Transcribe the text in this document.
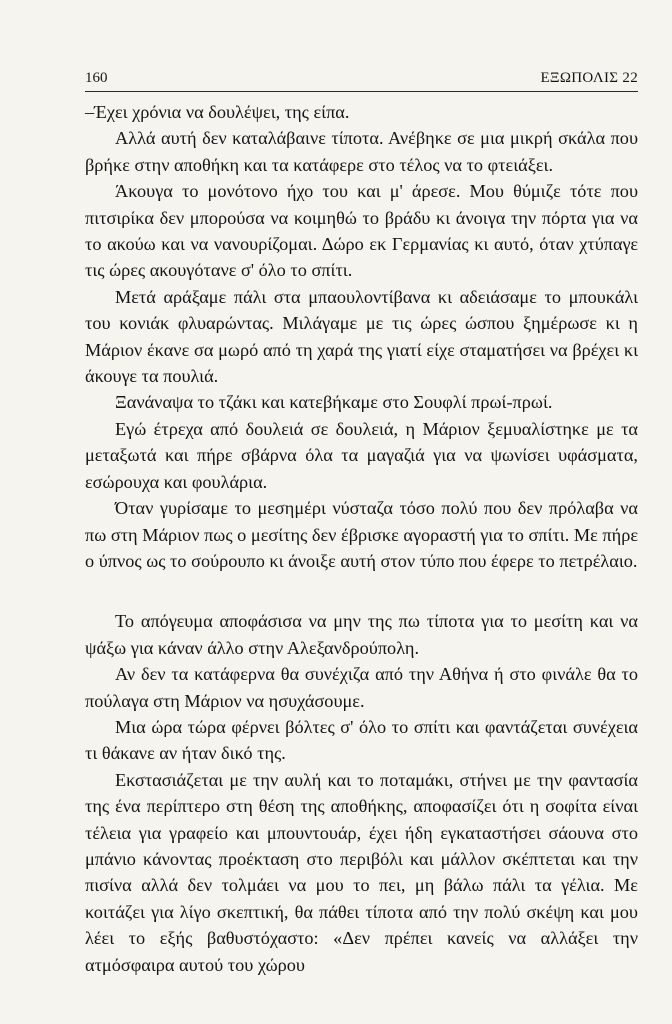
160	ΕΞΩΠΟΛΙΣ 22

–Έχει χρόνια να δουλέψει, της είπα.

Αλλά αυτή δεν καταλάβαινε τίποτα. Ανέβηκε σε μια μικρή σκάλα που βρήκε στην αποθήκη και τα κατάφερε στο τέλος να το φτειάξει.

Άκουγα το μονότονο ήχο του και μ' άρεσε. Μου θύμιζε τότε που πιτσιρίκα δεν μπορούσα να κοιμηθώ το βράδυ κι άνοιγα την πόρτα για να το ακούω και να νανουρίζομαι. Δώρο εκ Γερμανίας κι αυτό, όταν χτύπαγε τις ώρες ακουγότανε σ' όλο το σπίτι.

Μετά αράξαμε πάλι στα μπαουλοντίβανα κι αδειάσαμε το μπουκάλι του κονιάκ φλυαρώντας. Μιλάγαμε με τις ώρες ώσπου ξημέρωσε κι η Μάριον έκανε σα μωρό από τη χαρά της γιατί είχε σταματήσει να βρέχει κι άκουγε τα πουλιά.

Ξανάναψα το τζάκι και κατεβήκαμε στο Σουφλί πρωί-πρωί.

Εγώ έτρεχα από δουλειά σε δουλειά, η Μάριον ξεμυαλίστηκε με τα μεταξωτά και πήρε σβάρνα όλα τα μαγαζιά για να ψωνίσει υφάσματα, εσώρουχα και φουλάρια.

Όταν γυρίσαμε το μεσημέρι νύσταζα τόσο πολύ που δεν πρόλαβα να πω στη Μάριον πως ο μεσίτης δεν έβρισκε αγοραστή για το σπίτι. Με πήρε ο ύπνος ως το σούρουπο κι άνοιξε αυτή στον τύπο που έφερε το πετρέλαιο.

Το απόγευμα αποφάσισα να μην της πω τίποτα για το μεσίτη και να ψάξω για κάναν άλλο στην Αλεξανδρούπολη.

Αν δεν τα κατάφερνα θα συνέχιζα από την Αθήνα ή στο φινάλε θα το πούλαγα στη Μάριον να ησυχάσουμε.

Μια ώρα τώρα φέρνει βόλτες σ' όλο το σπίτι και φαντάζεται συνέχεια τι θάκανε αν ήταν δικό της.

Εκστασιάζεται με την αυλή και το ποταμάκι, στήνει με την φαντασία της ένα περίπτερο στη θέση της αποθήκης, αποφασίζει ότι η σοφίτα είναι τέλεια για γραφείο και μπουντουάρ, έχει ήδη εγκαταστήσει σάουνα στο μπάνιο κάνοντας προέκταση στο περιβόλι και μάλλον σκέπτεται και την πισίνα αλλά δεν τολμάει να μου το πει, μη βάλω πάλι τα γέλια. Με κοιτάζει για λίγο σκεπτική, θα πάθει τίποτα από την πολύ σκέψη και μου λέει το εξής βαθυστόχαστο: «Δεν πρέπει κανείς να αλλάξει την ατμόσφαιρα αυτού του χώρου
